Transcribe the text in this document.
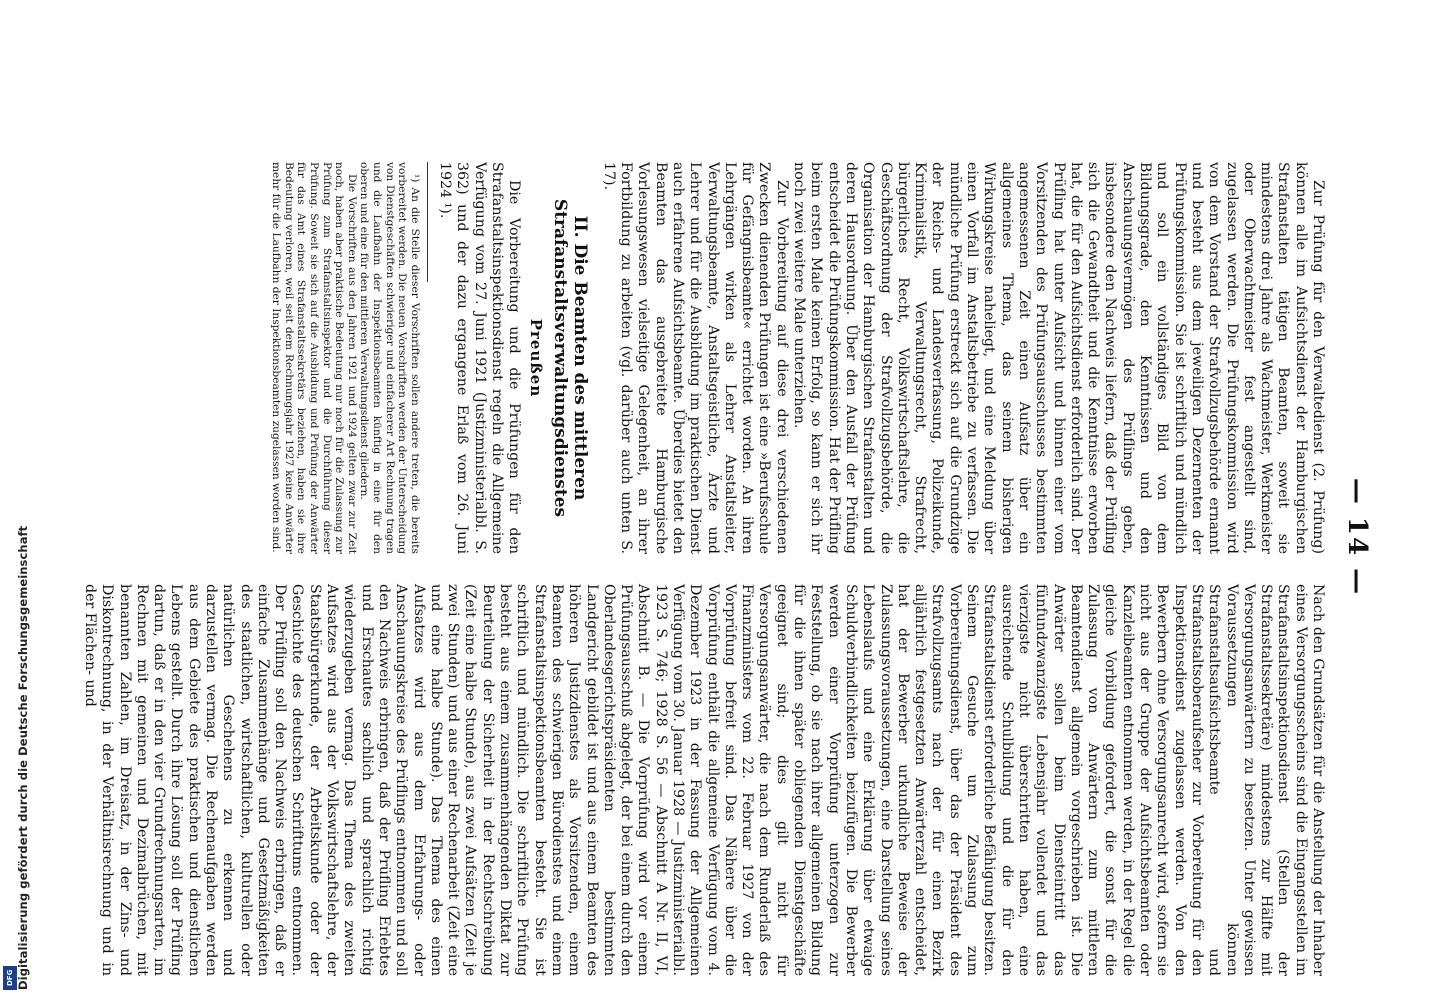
DFG Digitalisierung gefördert durch die Deutsche Forschungsgemeinschaft	— 14 —

Zur Prüfung für den Verwaltedienst (2. Prüfung) können alle im Aufsichtsdienst der Hamburgischen Strafanstalten tätigen Beamten, soweit sie mindestens drei Jahre als Wachmeister, Werkmeister oder Oberwachtmeister fest angestellt sind, zugelassen werden. Die Prüfungskommission wird von dem Vorstand der Strafvollzugsbehörde ernannt und besteht aus dem jeweiligen Dezernenten der Prüfungskommission. Sie ist schriftlich und mündlich und soll ein vollständiges Bild von dem Bildungsgrade, den Kenntnissen und den Anschauungsvermögen des Prüflings geben, insbesondere den Nachweis liefern, daß der Prüfling sich die Gewandtheit und die Kenntnisse erworben hat, die für den Aufsichtsdienst erforderlich sind. Der Prüfling hat unter Aufsicht und binnen einer vom Vorsitzenden des Prüfungsausschusses bestimmten angemessenen Zeit einen Aufsatz über ein allgemeines Thema, das seinem bisherigen Wirkungskreise naheliegt, und eine Meldung über einen Vorfall im Anstaltsbetriebe zu verfassen. Die mündliche Prüfung erstreckt sich auf die Grundzüge der Reichs- und Landesverfassung, Polizeikunde, Kriminalistik, Verwaltungsrecht, Strafrecht, bürgerliches Recht, Volkswirtschaftslehre, die Geschäftsordnung der Strafvollzugsbehörde, die Organisation der Hamburgischen Strafanstalten und deren Hausordnung. Über den Ausfall der Prüfung entscheidet die Prüfungskommission. Hat der Prüfling beim ersten Male keinen Erfolg, so kann er sich ihr noch zwei weitere Male unterziehen.

Zur Vorbereitung auf diese drei verschiedenen Zwecken dienenden Prüfungen ist eine »Berufsschule für Gefängnisbeamte« errichtet worden. An ihren Lehrgängen wirken als Lehrer Anstaltsleiter, Verwaltungsbeamte, Anstaltsgeistliche, Ärzte und Lehrer und für die Ausbildung im praktischen Dienst auch erfahrene Aufsichtsbeamte. Überdies bietet den Beamten das ausgebreitete Hamburgische Vorlesungswesen vielseitige Gelegenheit, an ihrer Fortbildung zu arbeiten (vgl. darüber auch unten S. 17).

II. Die Beamten des mittleren Strafanstaltsverwaltungsdienstes
Preußen

Die Vorbereitung und die Prüfungen für den Strafanstaltsinspektionsdienst regeln die Allgemeine Verfügung vom 27. Juni 1921 (Justizministerialbl. S. 362) und der dazu ergangene Erlaß vom 26. Juni 1924 ¹).

¹) An die Stelle dieser Vorschriften sollen andere treten, die bereits vorbereitet werden. Die neuen Vorschriften werden der Unterscheidung von Dienstgeschäften schwieriger und einfacherer Art Rechnung tragen und die Laufbahn der Inspektionsbeamten künftig in eine für den oberen und eine für den mittleren Verwaltungsdienst gliedern.

Die Vorschriften aus den Jahren 1921 und 1924 gelten zwar zur Zeit noch, haben aber praktische Bedeutung nur noch für die Zulassung zur Prüfung zum Strafanstaltsinspektor und die Durchführung dieser Prüfung. Soweit sie sich auf die Ausbildung und Prüfung der Anwärter für das Amt eines Strafanstaltssekretärs beziehen, haben sie ihre Bedeutung verloren, weil seit dem Rechnungsjahr 1927 keine Anwärter mehr für die Laufbahn der Inspektionsbeamten zugelassen worden sind.

Nach den Grundsätzen für die Anstellung der Inhaber eines Versorgungsscheins sind die Eingangsstellen im Strafanstaltsinspektionsdienst (Stellen der Strafanstaltssekretäre) mindestens zur Hälfte mit Versorgungsanwärtern zu besetzen. Unter gewissen Voraussetzungen können Strafanstaltsaufsichtsbeamte und Strafanstaltsoberaufseher zur Vorbereitung für den Inspektionsdienst zugelassen werden. Von den Bewerbern ohne Versorgungsanrecht wird, sofern sie nicht aus der Gruppe der Aufsichtsbeamten oder Kanzleibeamten entnommen werden, in der Regel die gleiche Vorbildung gefordert, die sonst für die Zulassung von Anwärtern zum mittleren Beamtendienst allgemein vorgeschrieben ist. Die Anwärter sollen beim Diensteintritt das fünfundzwanzigste Lebensjahr vollendet und das vierzigste nicht überschritten haben, eine ausreichende Schulbildung und die für den Strafanstaltsdienst erforderliche Befähigung besitzen. Seinem Gesuche um Zulassung zum Vorbereitungsdienst, über das der Präsident des Strafvollzugsamts nach der für einen Bezirk alljährlich festgesetzten Anwärterzahl entscheidet, hat der Bewerber urkundliche Beweise der Zulassungsvoraussetzungen, eine Darstellung seines Lebenslaufs und eine Erklärung über etwaige Schuldverbindlichkeiten beizufügen. Die Bewerber werden einer Vorprüfung unterzogen zur Feststellung, ob sie nach ihrer allgemeinen Bildung für die ihnen später obliegenden Dienstgeschäfte geeignet sind; dies gilt nicht für Versorgungsanwärter, die nach dem Runderlaß des Finanzministers vom 22. Februar 1927 von der Vorprüfung befreit sind. Das Nähere über die Vorprüfung enthält die allgemeine Verfügung vom 4. Dezember 1923 in der Fassung der Allgemeinen Verfügung vom 30. Januar 1928 — Justizministerialbl. 1923 S. 746; 1928 S. 56 — Abschnitt A Nr. II, VI, Abschnitt B. — Die Vorprüfung wird vor einem Prüfungsausschuß abgelegt, der bei einem durch den Oberlandesgerichtspräsidenten bestimmten Landgericht gebildet ist und aus einem Beamten des höheren Justizdienstes als Vorsitzenden, einem Beamten des schwierigen Bürodienstes und einem Strafanstaltsinspektionsbeamten besteht. Sie ist schriftlich und mündlich. Die schriftliche Prüfung besteht aus einem zusammenhängenden Diktat zur Beurteilung der Sicherheit in der Rechtschreibung (Zeit eine halbe Stunde), aus zwei Aufsätzen (Zeit je zwei Stunden) und aus einer Rechenarbeit (Zeit eine und eine halbe Stunde). Das Thema des einen Aufsatzes wird aus dem Erfahrungs- oder Anschauungskreise des Prüflings entnommen und soll den Nachweis erbringen, daß der Prüfling Erlebtes und Erschautes sachlich und sprachlich richtig wiederzugeben vermag. Das Thema des zweiten Aufsatzes wird aus der Volkswirtschaftslehre, der Staatsbürgerkunde, der Arbeitskunde oder der Geschichte des deutschen Schrifttums entnommen. Der Prüfling soll den Nachweis erbringen, daß er einfache Zusammenhänge und Gesetzmäßigkeiten des staatlichen, wirtschaftlichen, kulturellen oder natürlichen Geschehens zu erkennen und darzustellen vermag. Die Rechenaufgaben werden aus dem Gebiete des praktischen und dienstlichen Lebens gestellt. Durch ihre Lösung soll der Prüfling dartun, daß er in den vier Grundrechnungsarten, im Rechnen mit gemeinen und Dezimalbrüchen, mit benannten Zahlen, im Dreisatz, in der Zins- und Diskontrechnung, in der Verhältnisrechnung und in der Flächen- und
